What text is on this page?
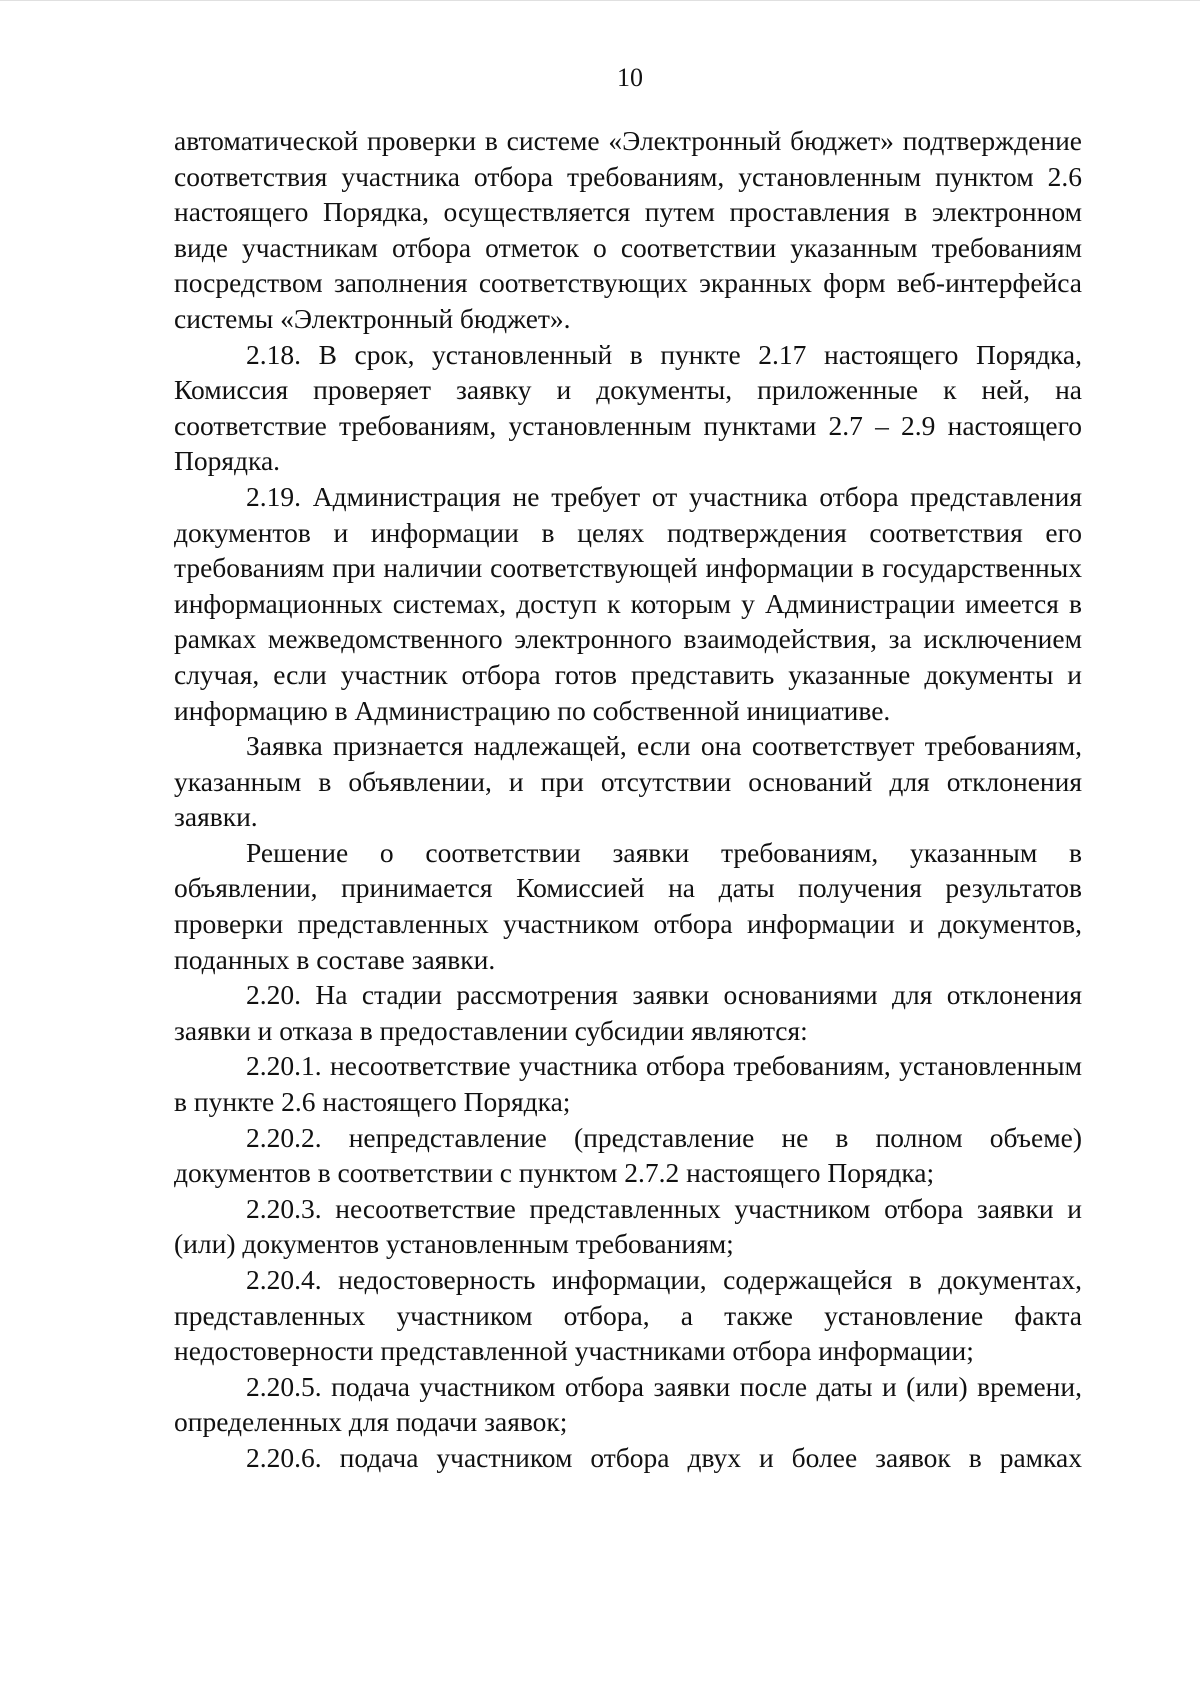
10

автоматической проверки в системе «Электронный бюджет» подтверждение соответствия участника отбора требованиям, установленным пунктом 2.6 настоящего Порядка, осуществляется путем проставления в электронном виде участникам отбора отметок о соответствии указанным требованиям посредством заполнения соответствующих экранных форм веб-интерфейса системы «Электронный бюджет».

2.18. В срок, установленный в пункте 2.17 настоящего Порядка, Комиссия проверяет заявку и документы, приложенные к ней, на соответствие требованиям, установленным пунктами 2.7 – 2.9 настоящего Порядка.

2.19. Администрация не требует от участника отбора представления документов и информации в целях подтверждения соответствия его требованиям при наличии соответствующей информации в государственных информационных системах, доступ к которым у Администрации имеется в рамках межведомственного электронного взаимодействия, за исключением случая, если участник отбора готов представить указанные документы и информацию в Администрацию по собственной инициативе.

Заявка признается надлежащей, если она соответствует требованиям, указанным в объявлении, и при отсутствии оснований для отклонения заявки.

Решение о соответствии заявки требованиям, указанным в объявлении, принимается Комиссией на даты получения результатов проверки представленных участником отбора информации и документов, поданных в составе заявки.

2.20. На стадии рассмотрения заявки основаниями для отклонения заявки и отказа в предоставлении субсидии являются:

2.20.1. несоответствие участника отбора требованиям, установленным в пункте 2.6 настоящего Порядка;

2.20.2. непредставление (представление не в полном объеме) документов в соответствии с пунктом 2.7.2 настоящего Порядка;

2.20.3. несоответствие представленных участником отбора заявки и (или) документов установленным требованиям;

2.20.4. недостоверность информации, содержащейся в документах, представленных участником отбора, а также установление факта недостоверности представленной участниками отбора информации;

2.20.5. подача участником отбора заявки после даты и (или) времени, определенных для подачи заявок;

2.20.6. подача участником отбора двух и более заявок в рамках
